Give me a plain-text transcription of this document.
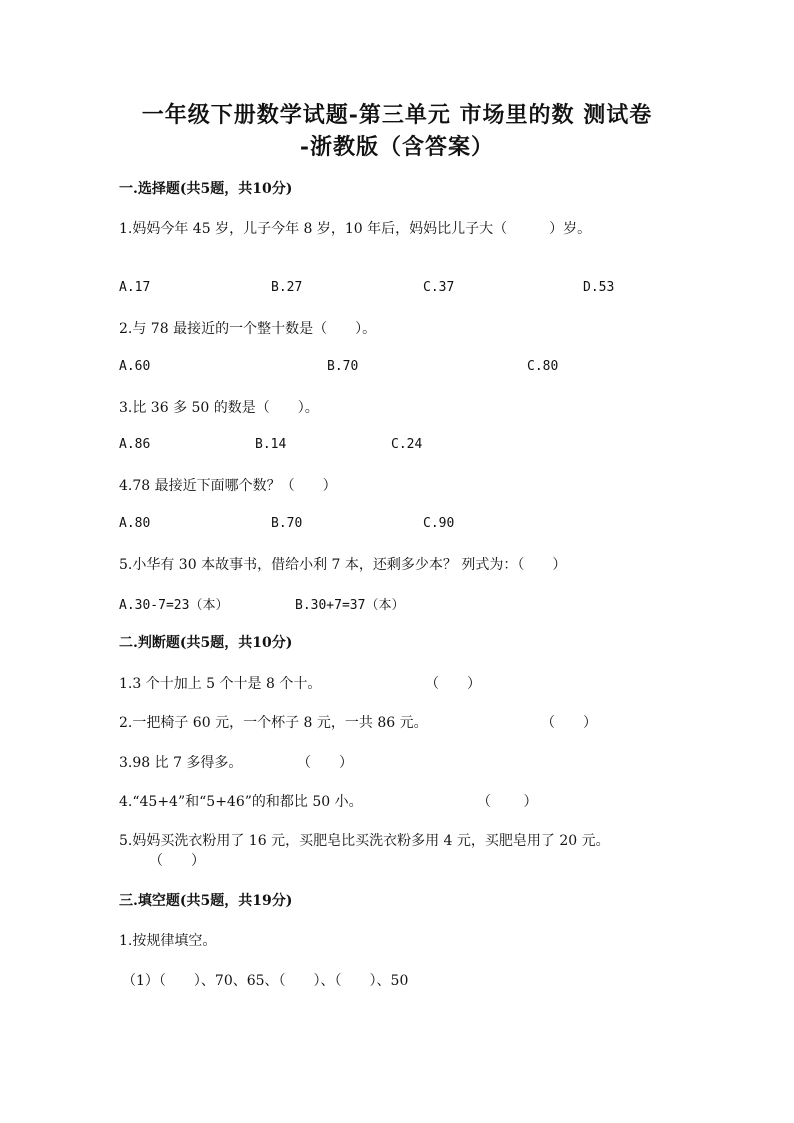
一年级下册数学试题-第三单元 市场里的数 测试卷
-浙教版（含答案）
一.选择题(共5题，共10分)
1.妈妈今年 45 岁，儿子今年 8 岁，10 年后，妈妈比儿子大（　　　）岁。
A.17	B.27	C.37	D.53
2.与 78 最接近的一个整十数是（　　）。
A.60	B.70	C.80
3.比 36 多 50 的数是（　　）。
A.86	B.14	C.24
4.78 最接近下面哪个数？（　　）
A.80	B.70	C.90
5.小华有 30 本故事书，借给小利 7 本，还剩多少本？ 列式为：（　　）
A.30-7=23（本）	B.30+7=37（本）
二.判断题(共5题，共10分)
1.3 个十加上 5 个十是 8 个十。	（　　）
2.一把椅子 60 元，一个杯子 8 元，一共 86 元。	（　　）
3.98 比 7 多得多。	（　　）
4.“45+4”和“5+46”的和都比 50 小。	（　　 ）
5.妈妈买洗衣粉用了 16 元，买肥皂比买洗衣粉多用 4 元，买肥皂用了 20 元。
（　　）
三.填空题(共5题，共19分)
1.按规律填空。
（1）（　　）、70、65、（　　）、（　　）、50
